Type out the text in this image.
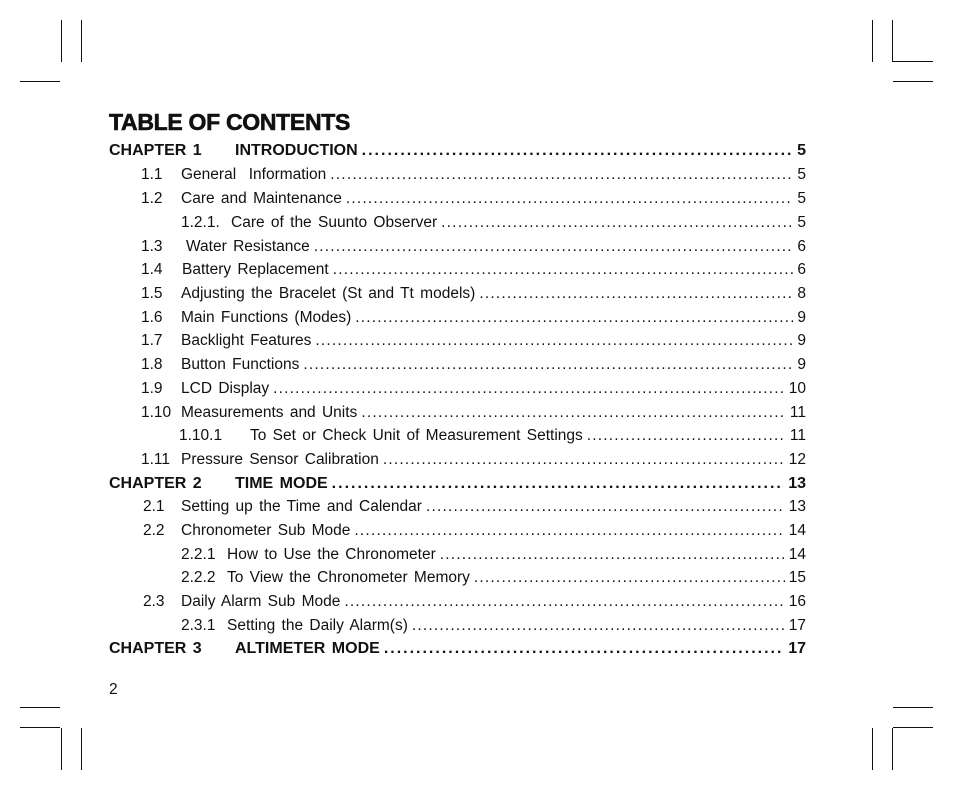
TABLE OF CONTENTS
CHAPTER 1	INTRODUCTION .....	5
1.1	General  Information .....	5
1.2	Care and Maintenance .....	5
1.2.1. Care of the Suunto Observer .....	5
1.3	Water Resistance .....	6
1.4	Battery Replacement .....	6
1.5	Adjusting the Bracelet (St and Tt models) .....	8
1.6	Main Functions (Modes) .....	9
1.7	Backlight Features .....	9
1.8	Button Functions .....	9
1.9	LCD Display .....	10
1.10 Measurements and Units .....	11
1.10.1	To Set or Check Unit of Measurement Settings .....	11
1.11 Pressure Sensor Calibration .....	12
CHAPTER 2	TIME MODE .....	13
2.1	Setting up the Time and Calendar .....	13
2.2	Chronometer Sub Mode .....	14
2.2.1 How to Use the Chronometer .....	14
2.2.2 To View the Chronometer Memory .....	15
2.3	Daily Alarm Sub Mode .....	16
2.3.1 Setting the Daily Alarm(s) .....	17
CHAPTER 3	ALTIMETER MODE .....	17
2
